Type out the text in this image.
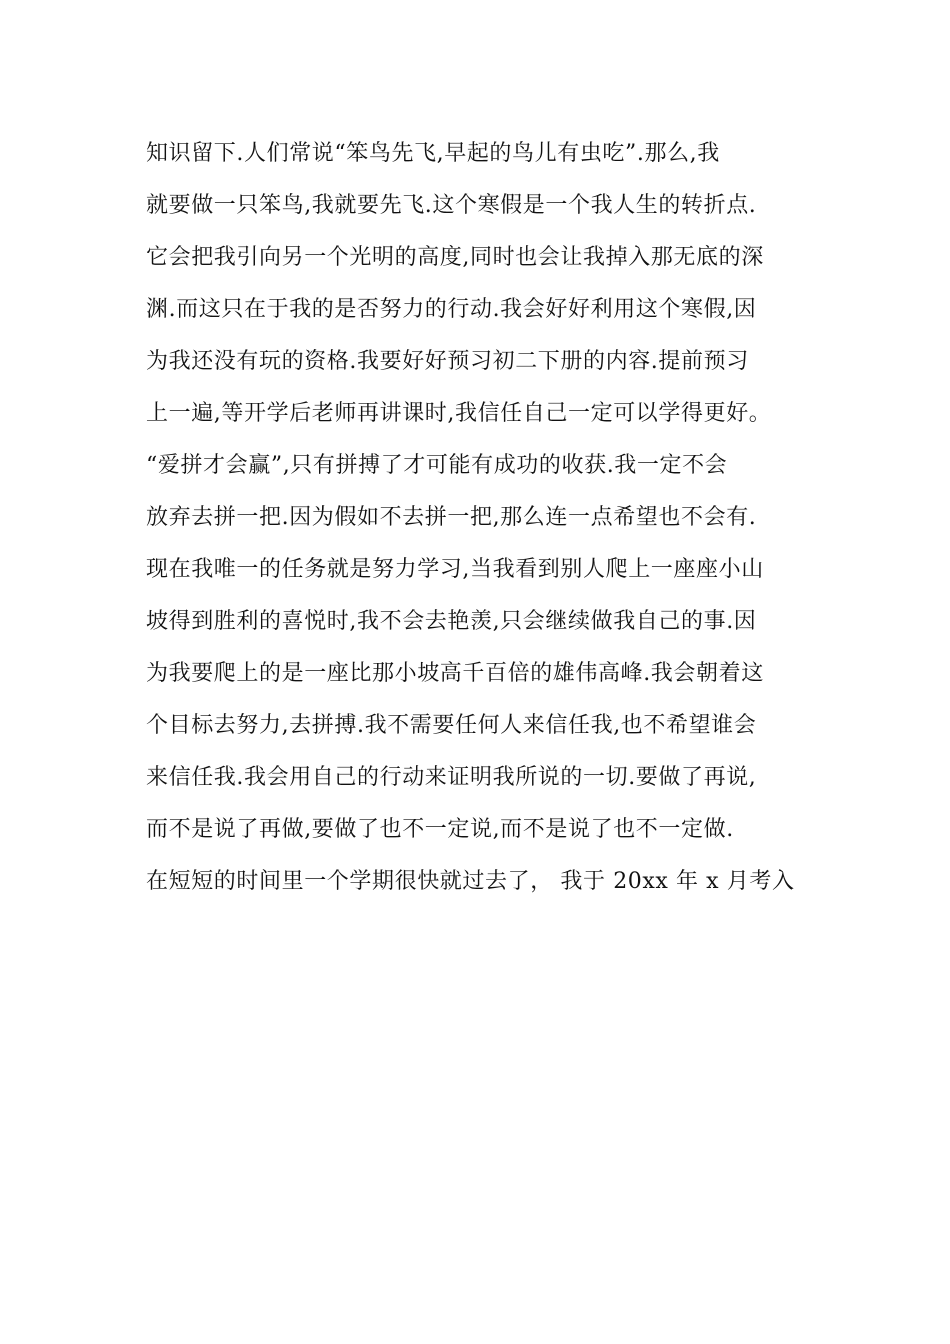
知识留下.人们常说“笨鸟先飞,早起的鸟儿有虫吃”.那么,我
就要做一只笨鸟,我就要先飞.这个寒假是一个我人生的转折点.
它会把我引向另一个光明的高度,同时也会让我掉入那无底的深
渊.而这只在于我的是否努力的行动.我会好好利用这个寒假,因
为我还没有玩的资格.我要好好预习初二下册的内容.提前预习
上一遍,等开学后老师再讲课时,我信任自己一定可以学得更好。
“爱拼才会赢”,只有拼搏了才可能有成功的收获.我一定不会
放弃去拼一把.因为假如不去拼一把,那么连一点希望也不会有.
现在我唯一的任务就是努力学习,当我看到别人爬上一座座小山
坡得到胜利的喜悦时,我不会去艳羡,只会继续做我自己的事.因
为我要爬上的是一座比那小坡高千百倍的雄伟高峰.我会朝着这
个目标去努力,去拼搏.我不需要任何人来信任我,也不希望谁会
来信任我.我会用自己的行动来证明我所说的一切.要做了再说,
而不是说了再做,要做了也不一定说,而不是说了也不一定做.
在短短的时间里一个学期很快就过去了， 我于 20xx 年 x 月考入
